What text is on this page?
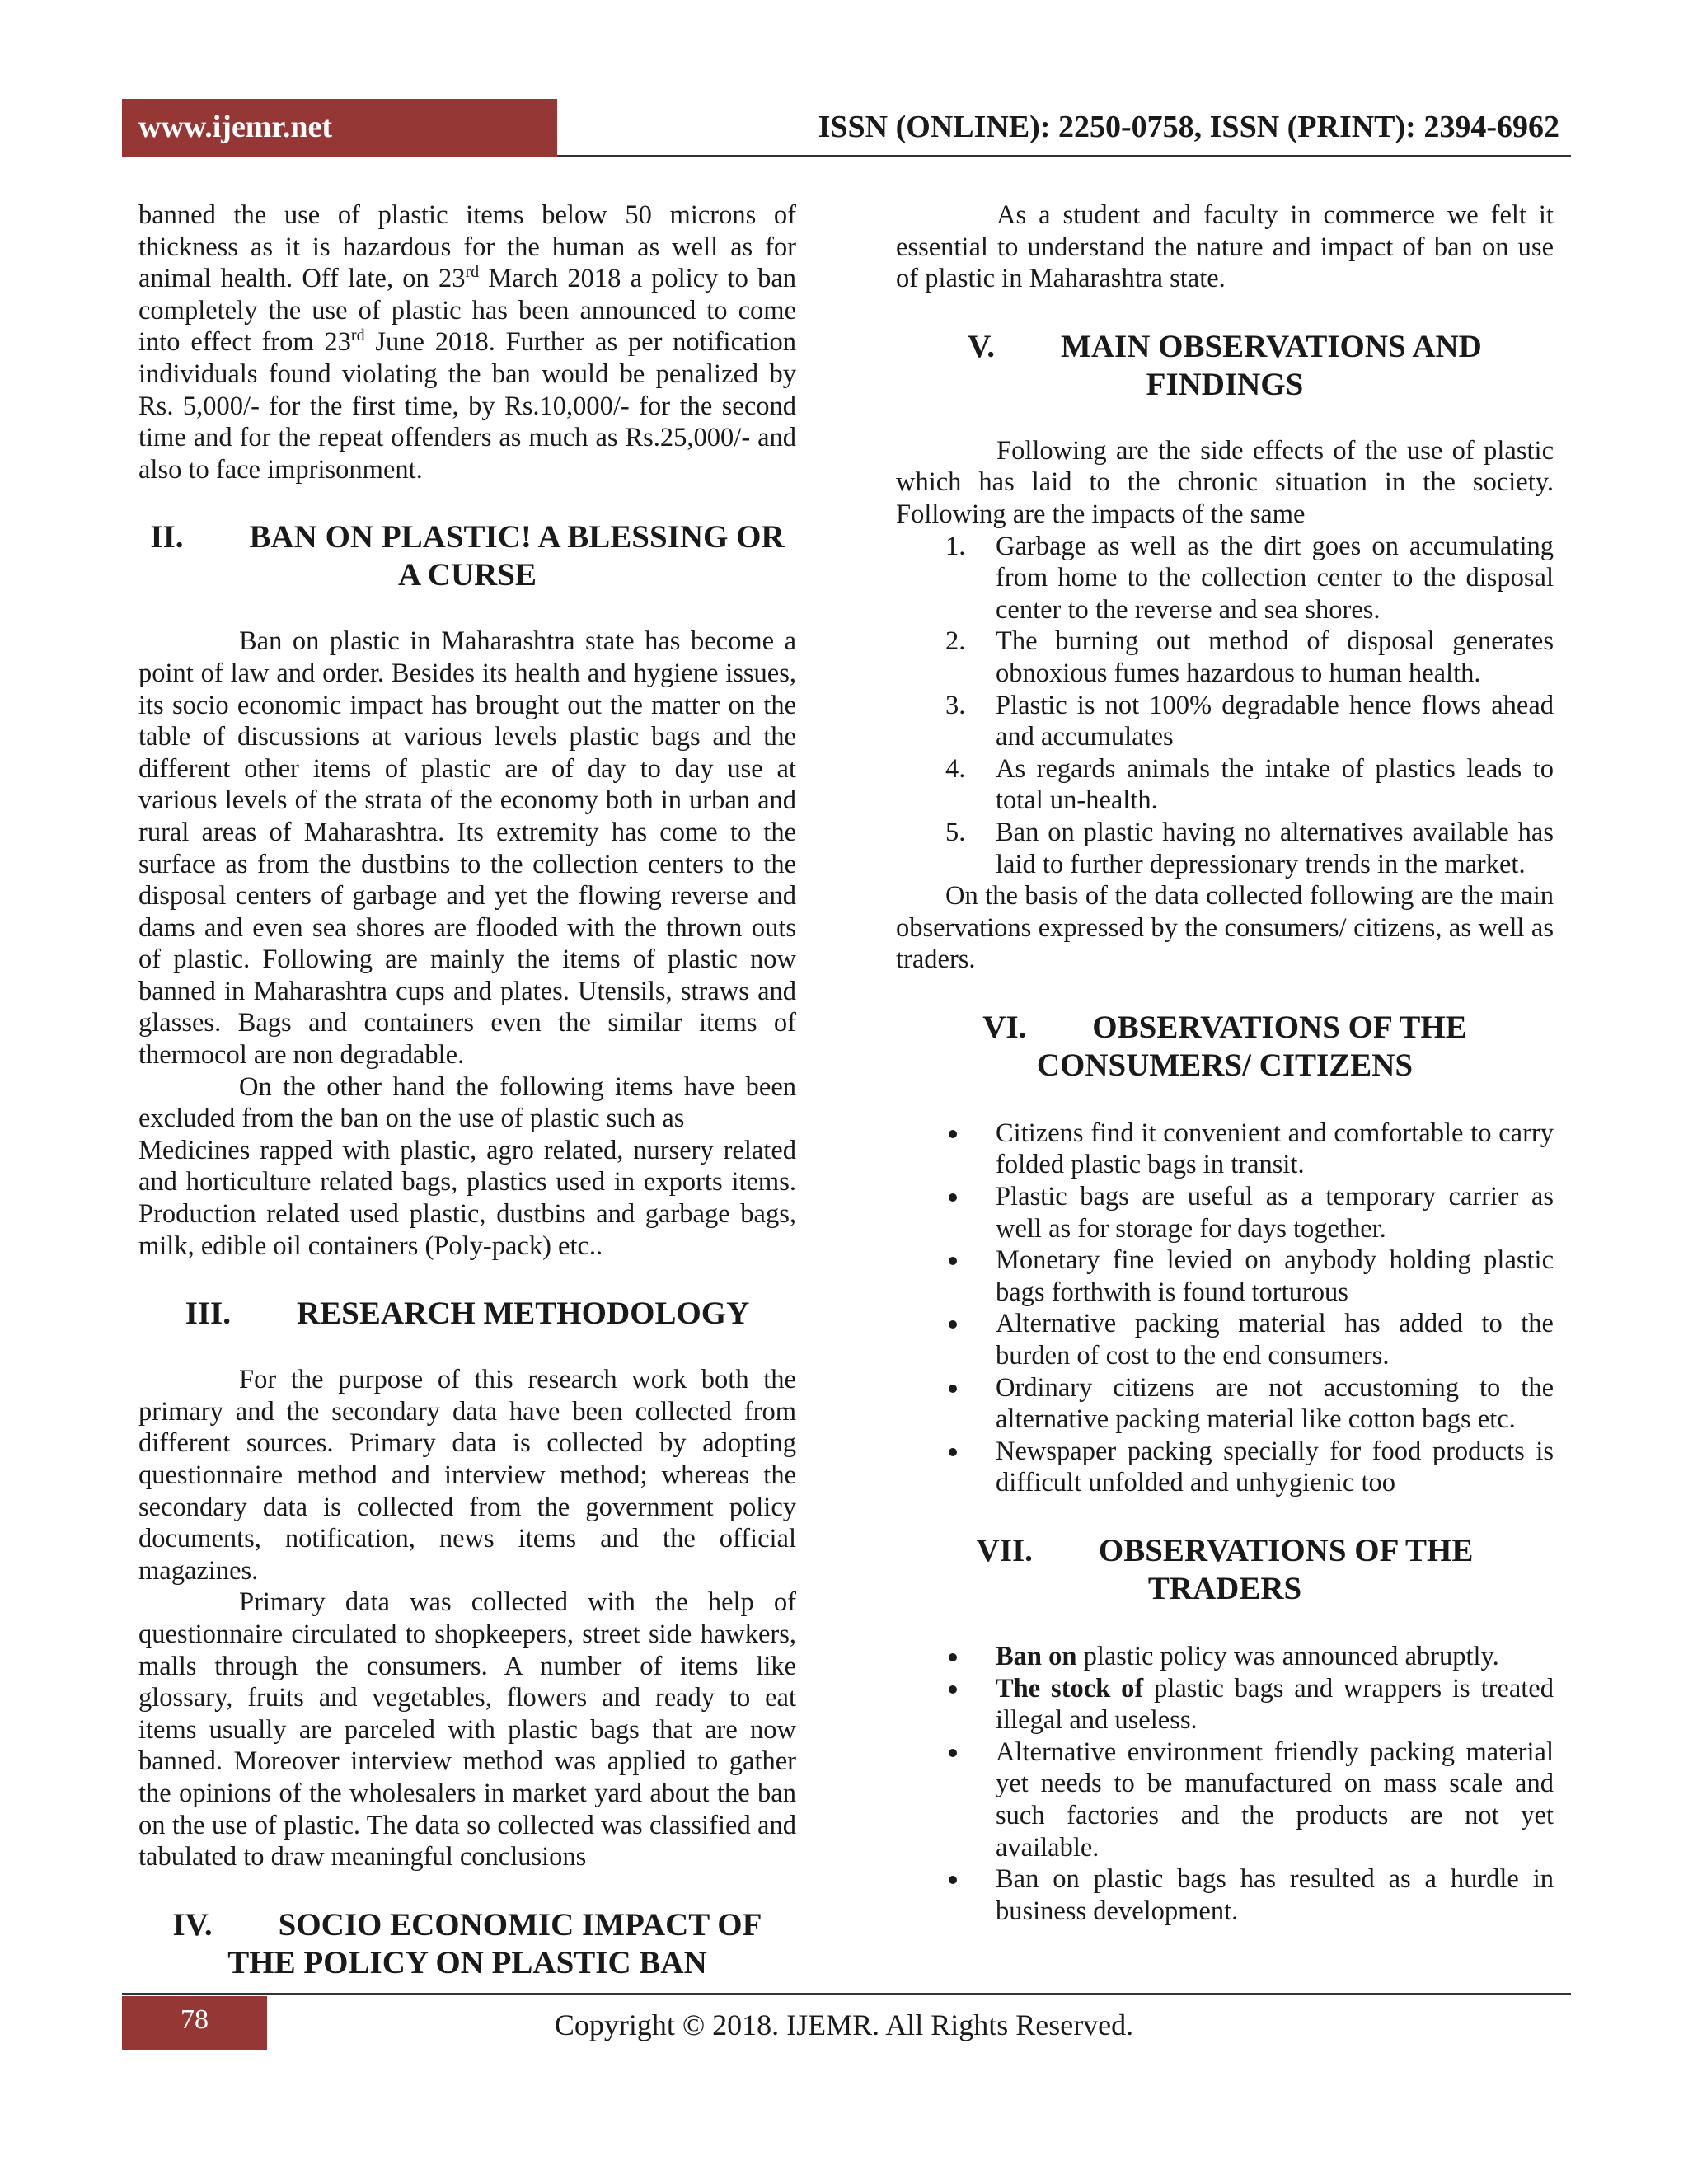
www.ijemr.net	ISSN (ONLINE): 2250-0758, ISSN (PRINT): 2394-6962

banned the use of plastic items below 50 microns of thickness as it is hazardous for the human as well as for animal health. Off late, on 23rd March 2018 a policy to ban completely the use of plastic has been announced to come into effect from 23rd June 2018. Further as per notification individuals found violating the ban would be penalized by Rs. 5,000/- for the first time, by Rs.10,000/- for the second time and for the repeat offenders as much as Rs.25,000/- and also to face imprisonment.

II. BAN ON PLASTIC! A BLESSING OR
A CURSE

Ban on plastic in Maharashtra state has become a point of law and order. Besides its health and hygiene issues, its socio economic impact has brought out the matter on the table of discussions at various levels plastic bags and the different other items of plastic are of day to day use at various levels of the strata of the economy both in urban and rural areas of Maharashtra. Its extremity has come to the surface as from the dustbins to the collection centers to the disposal centers of garbage and yet the flowing reverse and dams and even sea shores are flooded with the thrown outs of plastic. Following are mainly the items of plastic now banned in Maharashtra cups and plates. Utensils, straws and glasses. Bags and containers even the similar items of thermocol are non degradable.

On the other hand the following items have been excluded from the ban on the use of plastic such as

Medicines rapped with plastic, agro related, nursery related and horticulture related bags, plastics used in exports items. Production related used plastic, dustbins and garbage bags, milk, edible oil containers (Poly-pack) etc..

III. RESEARCH METHODOLOGY

For the purpose of this research work both the primary and the secondary data have been collected from different sources. Primary data is collected by adopting questionnaire method and interview method; whereas the secondary data is collected from the government policy documents, notification, news items and the official magazines.

Primary data was collected with the help of questionnaire circulated to shopkeepers, street side hawkers, malls through the consumers. A number of items like glossary, fruits and vegetables, flowers and ready to eat items usually are parceled with plastic bags that are now banned. Moreover interview method was applied to gather the opinions of the wholesalers in market yard about the ban on the use of plastic. The data so collected was classified and tabulated to draw meaningful conclusions

IV. SOCIO ECONOMIC IMPACT OF
THE POLICY ON PLASTIC BAN

As a student and faculty in commerce we felt it essential to understand the nature and impact of ban on use of plastic in Maharashtra state.

V. MAIN OBSERVATIONS AND
FINDINGS

Following are the side effects of the use of plastic which has laid to the chronic situation in the society. Following are the impacts of the same

1. Garbage as well as the dirt goes on accumulating from home to the collection center to the disposal center to the reverse and sea shores.
2. The burning out method of disposal generates obnoxious fumes hazardous to human health.
3. Plastic is not 100% degradable hence flows ahead and accumulates
4. As regards animals the intake of plastics leads to total un-health.
5. Ban on plastic having no alternatives available has laid to further depressionary trends in the market.

On the basis of the data collected following are the main observations expressed by the consumers/ citizens, as well as traders.

VI. OBSERVATIONS OF THE
CONSUMERS/ CITIZENS
Citizens find it convenient and comfortable to carry folded plastic bags in transit.
Plastic bags are useful as a temporary carrier as well as for storage for days together.
Monetary fine levied on anybody holding plastic bags forthwith is found torturous
Alternative packing material has added to the burden of cost to the end consumers.
Ordinary citizens are not accustoming to the alternative packing material like cotton bags etc.
Newspaper packing specially for food products is difficult unfolded and unhygienic too
VII. OBSERVATIONS OF THE
TRADERS
Ban on plastic policy was announced abruptly.
The stock of plastic bags and wrappers is treated illegal and useless.
Alternative environment friendly packing material yet needs to be manufactured on mass scale and such factories and the products are not yet available.
Ban on plastic bags has resulted as a hurdle in business development.
78	Copyright © 2018. IJEMR. All Rights Reserved.
